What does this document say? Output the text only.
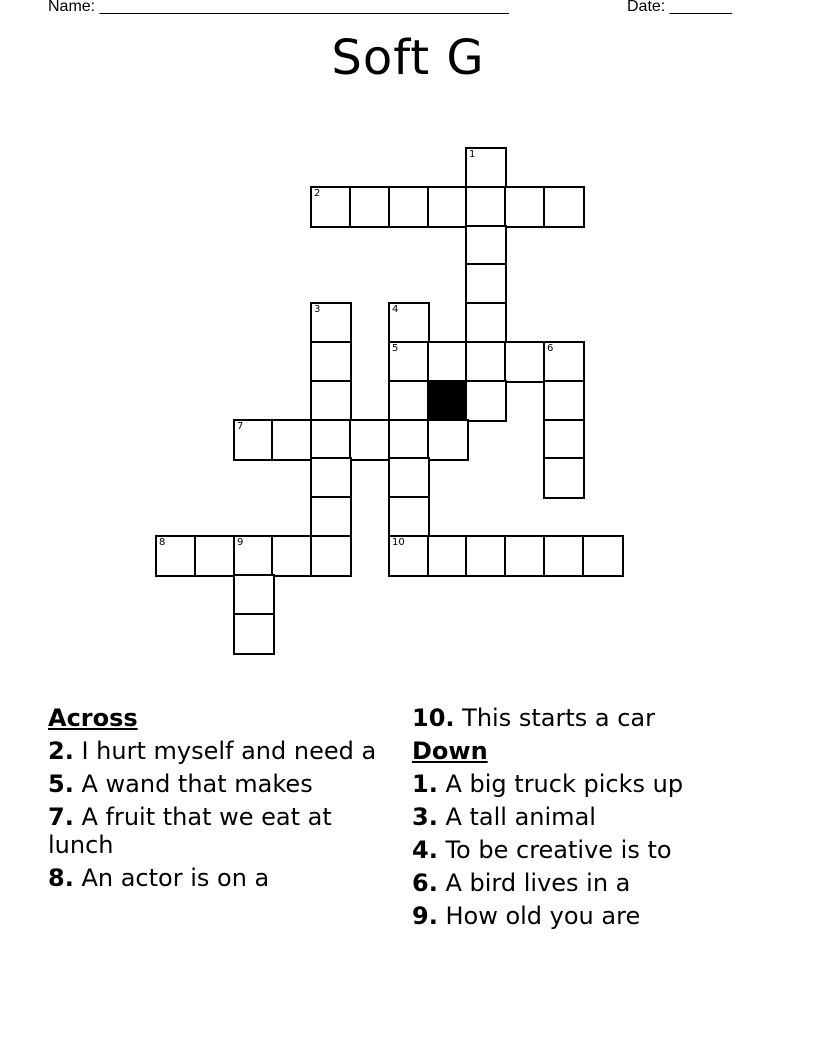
Name: ______________________________________________	Date: _______
Soft G
1
2
3	4
5	6
7
8	9	10
Across
2. I hurt myself and need a
5. A wand that makes
7. A fruit that we eat at lunch
8. An actor is on a
10. This starts a car
Down
1. A big truck picks up
3. A tall animal
4. To be creative is to
6. A bird lives in a
9. How old you are
